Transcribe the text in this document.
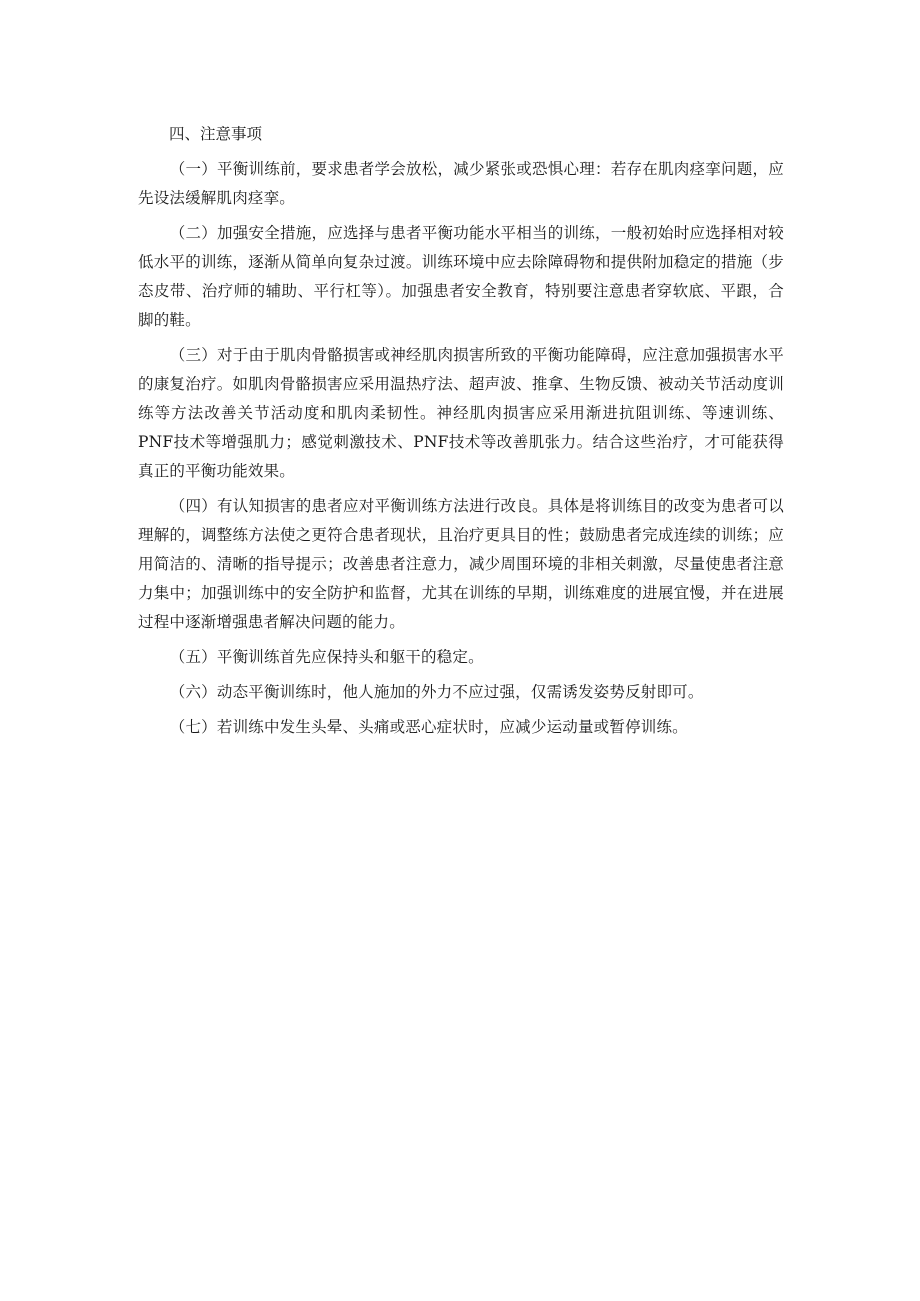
四、注意事项

（一）平衡训练前，要求患者学会放松，减少紧张或恐惧心理：若存在肌肉痉挛问题，应先设法缓解肌肉痉挛。

（二）加强安全措施，应选择与患者平衡功能水平相当的训练，一般初始时应选择相对较低水平的训练，逐渐从简单向复杂过渡。训练环境中应去除障碍物和提供附加稳定的措施（步态皮带、治疗师的辅助、平行杠等）。加强患者安全教育，特别要注意患者穿软底、平跟，合脚的鞋。

（三）对于由于肌肉骨骼损害或神经肌肉损害所致的平衡功能障碍，应注意加强损害水平的康复治疗。如肌肉骨骼损害应采用温热疗法、超声波、推拿、生物反馈、被动关节活动度训练等方法改善关节活动度和肌肉柔韧性。神经肌肉损害应采用渐进抗阻训练、等速训练、PNF技术等增强肌力；感觉刺激技术、PNF技术等改善肌张力。结合这些治疗，才可能获得真正的平衡功能效果。

（四）有认知损害的患者应对平衡训练方法进行改良。具体是将训练目的改变为患者可以理解的，调整练方法使之更符合患者现状，且治疗更具目的性；鼓励患者完成连续的训练；应用简洁的、清晰的指导提示；改善患者注意力，减少周围环境的非相关刺激，尽量使患者注意力集中；加强训练中的安全防护和监督，尤其在训练的早期，训练难度的进展宜慢，并在进展过程中逐渐增强患者解决问题的能力。

（五）平衡训练首先应保持头和躯干的稳定。

（六）动态平衡训练时，他人施加的外力不应过强，仅需诱发姿势反射即可。

（七）若训练中发生头晕、头痛或恶心症状时，应减少运动量或暂停训练。
